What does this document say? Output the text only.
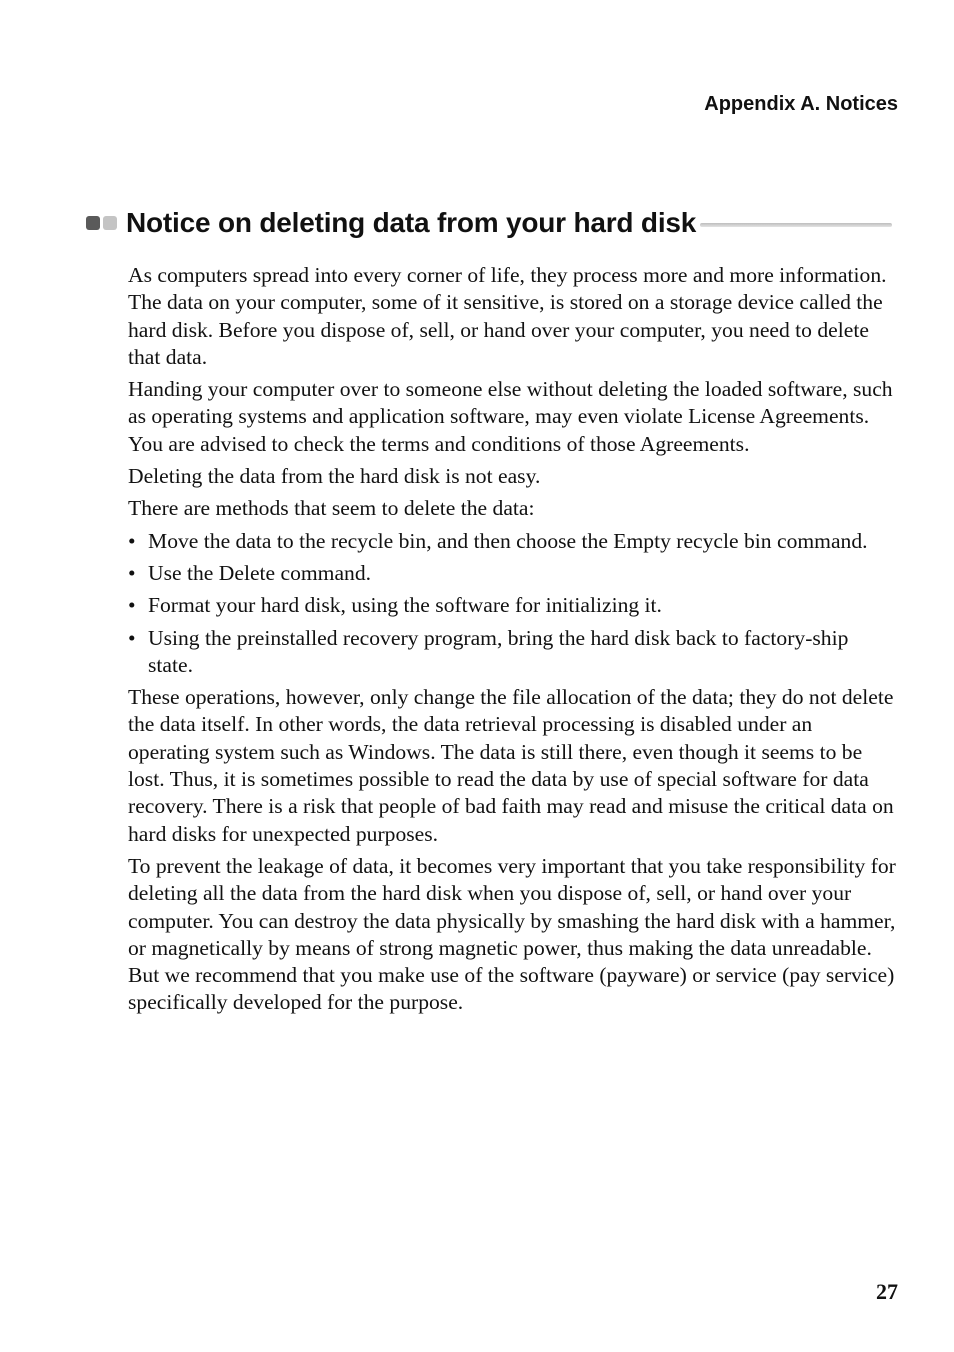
Appendix A. Notices
Notice on deleting data from your hard disk

As computers spread into every corner of life, they process more and more information. The data on your computer, some of it sensitive, is stored on a storage device called the hard disk. Before you dispose of, sell, or hand over your computer, you need to delete that data.

Handing your computer over to someone else without deleting the loaded software, such as operating systems and application software, may even violate License Agreements. You are advised to check the terms and conditions of those Agreements.

Deleting the data from the hard disk is not easy.

There are methods that seem to delete the data:

• Move the data to the recycle bin, and then choose the Empty recycle bin command.
• Use the Delete command.
• Format your hard disk, using the software for initializing it.
• Using the preinstalled recovery program, bring the hard disk back to factory-ship state.

These operations, however, only change the file allocation of the data; they do not delete the data itself. In other words, the data retrieval processing is disabled under an operating system such as Windows. The data is still there, even though it seems to be lost. Thus, it is sometimes possible to read the data by use of special software for data recovery. There is a risk that people of bad faith may read and misuse the critical data on hard disks for unexpected purposes.

To prevent the leakage of data, it becomes very important that you take responsibility for deleting all the data from the hard disk when you dispose of, sell, or hand over your computer. You can destroy the data physically by smashing the hard disk with a hammer, or magnetically by means of strong magnetic power, thus making the data unreadable. But we recommend that you make use of the software (payware) or service (pay service) specifically developed for the purpose.

27
